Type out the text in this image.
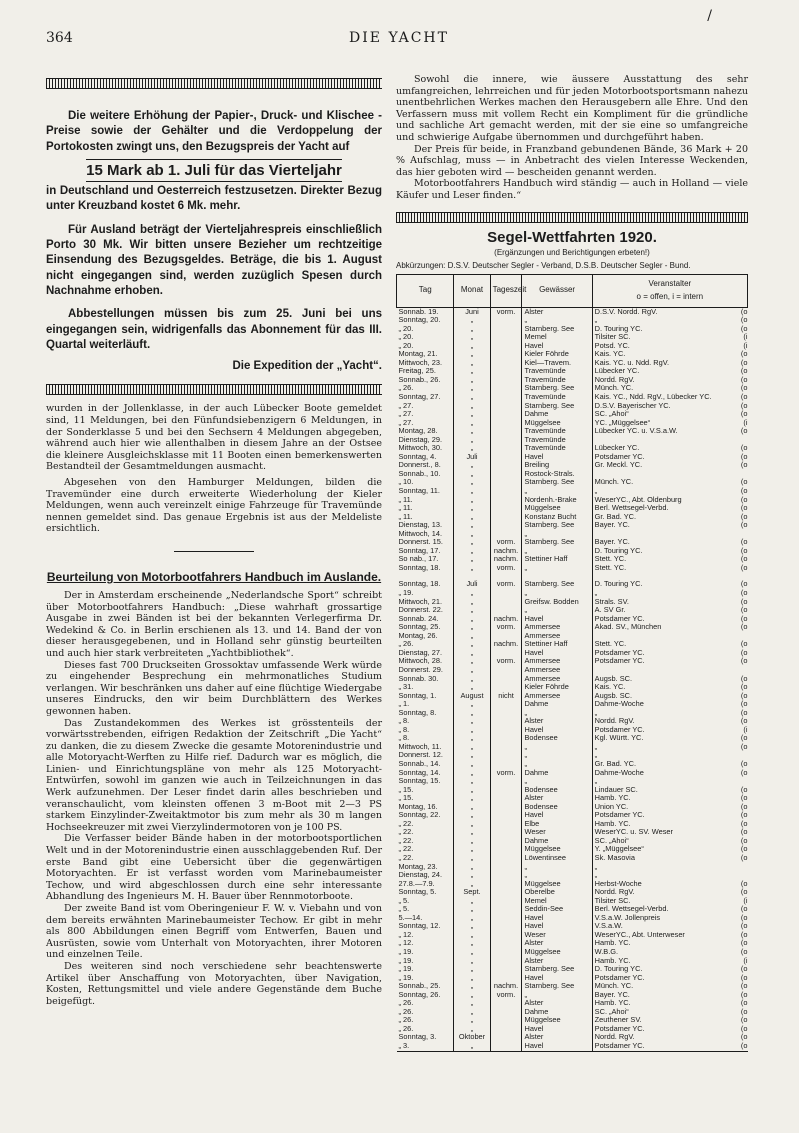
364	DIE YACHT
/

Die weitere Erhöhung der Papier-, Druck- und Klischee - Preise sowie der Gehälter und die Verdoppelung der Portokosten zwingt uns, den Bezugspreis der Yacht auf

15 Mark ab 1. Juli für das Vierteljahr

in Deutschland und Oesterreich festzusetzen. Direkter Bezug unter Kreuzband kostet 6 Mk. mehr.

Für Ausland beträgt der Vierteljahrespreis einschließlich Porto 30 Mk. Wir bitten unsere Bezieher um rechtzeitige Einsendung des Bezugsgeldes. Beträge, die bis 1. August nicht eingegangen sind, werden zuzüglich Spesen durch Nachnahme erhoben.

Abbestellungen müssen bis zum 25. Juni bei uns eingegangen sein, widrigenfalls das Abonnement für das III. Quartal weiterläuft.

Die Expedition der „Yacht“.

wurden in der Jollenklasse, in der auch Lübecker Boote gemeldet sind, 11 Meldungen, bei den Fünfundsiebenzigern 6 Meldungen, in der Sonderklasse 5 und bei den Sechsern 4 Meldungen abgegeben, während auch hier wie allenthalben in diesem Jahre an der Ostsee die kleinere Ausgleichsklasse mit 11 Booten einen bemerkenswerten Bestandteil der Gesamtmeldungen ausmacht.

Abgesehen von den Hamburger Meldungen, bilden die Travemünder eine durch erweiterte Wiederholung der Kieler Meldungen, wenn auch vereinzelt einige Fahrzeuge für Travemünde nennen gemeldet sind. Das genaue Ergebnis ist aus der Meldeliste ersichtlich.

Beurteilung von Motorbootfahrers Handbuch im Auslande.

Der in Amsterdam erscheinende „Nederlandsche Sport“ schreibt über Motorbootfahrers Handbuch: „Diese wahrhaft grossartige Ausgabe in zwei Bänden ist bei der bekannten Verlegerfirma Dr. Wedekind & Co. in Berlin erschienen als 13. und 14. Band der von dieser herausgegebenen, und in Holland sehr günstig beurteilten und auch hier stark verbreiteten „Yachtbibliothek“.

Dieses fast 700 Druckseiten Grossoktav umfassende Werk würde zu eingehender Besprechung ein mehrmonatliches Studium verlangen. Wir beschränken uns daher auf eine flüchtige Wiedergabe unseres Eindrucks, den wir beim Durchblättern des Werkes gewonnen haben.

Das Zustandekommen des Werkes ist grösstenteils der vorwärtsstrebenden, eifrigen Redaktion der Zeitschrift „Die Yacht“ zu danken, die zu diesem Zwecke die gesamte Motorenindustrie und alle Motoryacht-Werften zu Hilfe rief. Dadurch war es möglich, die Linien- und Einrichtungspläne von mehr als 125 Motoryacht-Entwürfen, sowohl im ganzen wie auch in Teilzeichnungen in das Werk aufzunehmen. Der Leser findet darin alles beschrieben und veranschaulicht, vom kleinsten offenen 3 m-Boot mit 2—3 PS starkem Einzylinder-Zweitaktmotor bis zum mehr als 30 m langen Hochseekreuzer mit zwei Vierzylindermotoren von je 100 PS.

Die Verfasser beider Bände haben in der motorbootsportlichen Welt und in der Motorenindustrie einen ausschlaggebenden Ruf. Der erste Band gibt eine Uebersicht über die gegenwärtigen Motoryachten. Er ist verfasst worden vom Marinebaumeister Techow, und wird abgeschlossen durch eine sehr interessante Abhandlung des Ingenieurs M. H. Bauer über Rennmotorboote.

Der zweite Band ist vom Oberingenieur F. W. v. Viebahn und von dem bereits erwähnten Marinebaumeister Techow. Er gibt in mehr als 800 Abbildungen einen Begriff vom Entwerfen, Bauen und Ausrüsten, sowie vom Unterhalt von Motoryachten, ihrer Motoren und einzelnen Teile.

Des weiteren sind noch verschiedene sehr beachtenswerte Artikel über Anschaffung von Motoryachten, über Navigation, Kosten, Rettungsmittel und viele andere Gegenstände dem Buche beigefügt.

Sowohl die innere, wie äussere Ausstattung des sehr umfangreichen, lehrreichen und für jeden Motorbootsportsmann nahezu unentbehrlichen Werkes machen den Herausgebern alle Ehre. Und den Verfassern muss mit vollem Recht ein Kompliment für die gründliche und sachliche Art gemacht werden, mit der sie eine so umfangreiche und schwierige Aufgabe übernommen und durchgeführt haben.

Der Preis für beide, in Franzband gebundenen Bände, 36 Mark + 20 % Aufschlag, muss — in Anbetracht des vielen Interesse Weckenden, das hier geboten wird — bescheiden genannt werden.

Motorbootfahrers Handbuch wird ständig — auch in Holland — viele Käufer und Leser finden.“

Segel-Wettfahrten 1920.
(Ergänzungen und Berichtigungen erbeten!)
Abkürzungen: D.S.V. Deutscher Segler - Verband, D.S.B. Deutscher Segler - Bund.
Tag	Monat	Tageszeit	Gewässer	Veranstalter
o = offen, i = intern

Sonnab. 19.	Juni	vorm.	Alster	D.S.V. Nordd. RgV. (o

Sonntag, 20.	„		„	„ (o

„ 20.	„		Starnberg. See	D. Touring YC. (o

„ 20.	„		Memel	Tilsiter SC. (i

„ 20.	„		Havel	Potsd. YC. (i

Montag, 21.	„		Kieler Föhrde	Kais. YC. (o

Mittwoch, 23.	„		Kiel—Travem.	Kais. YC. u. Ndd. RgV. (o

Freitag, 25.	„		Travemünde	Lübecker YC. (o

Sonnab., 26.	„		Travemünde	Nordd. RgV. (o

„ 26.	„		Starnberg. See	Münch. YC. (o

Sonntag, 27.	„		Travemünde	Kais. YC., Ndd. RgV., Lübecker YC. (o

„ 27.	„		Starnberg. See	D.S.V. Bayerischer YC. (o

„ 27.	„		Dahme	SC. „Ahoi“ (o

„ 27.	„		Müggelsee	YC. „Müggelsee“ (i

Montag, 28.	„		Travemünde	Lübecker YC. u. V.S.a.W. (o

Dienstag, 29.	„		Travemünde	

Mittwoch, 30.	„		Travemünde	Lübecker YC. (o

Sonntag, 4.	Juli		Havel	Potsdamer YC. (o

Donnerst., 8.	„		Breiling	Gr. Meckl. YC. (o

Sonnab., 10.	„		Rostock-Strals.	

„ 10.	„		Starnberg. See	Münch. YC. (o

Sonntag, 11.	„		„	„ (o

„ 11.	„		Nordenh.-Brake	WeserYC., Abt. Oldenburg (o

„ 11.	„		Müggelsee	Berl. Wettsegel-Verbd. (o

„ 11.	„		Konstanz Bucht	Gr. Bad. YC. (o

Dienstag, 13.	„		Starnberg. See	Bayer. YC. (o

Mittwoch, 14.	„		„	

Donnerst. 15.	„	vorm.	Starnberg. See	Bayer. YC. (o

Sonntag, 17.	„	nachm.	„	D. Touring YC. (o

So nab., 17.	„	nachm.	Stettiner Haff	Stett. YC. (o

Sonntag, 18.	„	vorm.	„	Stett. YC. (o

Sonntag, 18.	Juli	vorm.	Starnberg. See	D. Touring YC. (o

„ 19.	„		„	„ (o

Mittwoch, 21.	„		Greifsw. Bodden	Strals. SV. (o

Donnerst. 22.	„		„	A. SV Gr. (o

Sonnab. 24.	„	nachm.	Havel	Potsdamer YC. (o

Sonntag, 25.	„	vorm.	Ammersee	Akad. SV., München (o

Montag, 26.	„		Ammersee	

„ 26.	„	nachm.	Stettiner Haff	Stett. YC. (o

Dienstag, 27.	„		Havel	Potsdamer YC. (o

Mittwoch, 28.	„	vorm.	Ammersee	Potsdamer YC. (o

Donnerst. 29.	„		Ammersee	

Sonnab. 30.	„		Ammersee	Augsb. SC. (o

„ 31.	„		Kieler Föhrde	Kais. YC. (o

Sonntag, 1.	August	nicht	Ammersee	Augsb. SC. (o

„ 1.	„		Dahme	Dahme-Woche (o

Sonntag, 8.	„		„	„ (o

„ 8.	„		Alster	Nordd. RgV. (o

„ 8.	„		Havel	Potsdamer YC. (i

„ 8.	„		Bodensee	Kgl. Württ. YC. (o

Mittwoch, 11.	„		„	„ (o

Donnerst. 12.	„		„	„

Sonnab., 14.	„		„	Gr. Bad. YC. (o

Sonntag, 14.	„	vorm.	Dahme	Dahme-Woche (o

Sonntag, 15.	„		„	„

„ 15.	„		Bodensee	Lindauer SC. (o

„ 15.	„		Alster	Hamb. YC. (o

Montag, 16.	„		Bodensee	Union YC. (o

Sonntag, 22.	„		Havel	Potsdamer YC. (o

„ 22.	„		Elbe	Hamb. YC. (o

„ 22.	„		Weser	WeserYC. u. SV. Weser (o

„ 22.	„		Dahme	SC. „Ahoi“ (o

„ 22.	„		Müggelsee	Y. „Müggelsee“ (o

„ 22.	„		Löwentinsee	Sk. Masovia (o

Montag, 23.	„		„	„

Dienstag, 24.	„		„	„

27.8.—7.9.	„		Müggelsee	Herbst-Woche (o

Sonntag, 5.	Sept.		Oberelbe	Nordd. RgV. (o

„ 5.	„		Memel	Tilsiter SC. (i

„ 5.	„		Seddin-See	Berl. Wettsegel-Verbd. (o

5.—14.	„		Havel	V.S.a.W. Jollenpreis (o

Sonntag, 12.	„		Havel	V.S.a.W. (o

„ 12.	„		Weser	WeserYC., Abt. Unterweser (o

„ 12.	„		Alster	Hamb. YC. (o

„ 19.	„		Müggelsee	W.B.G. (o

„ 19.	„		Alster	Hamb. YC. (i

„ 19.	„		Starnberg. See	D. Touring YC. (o

„ 19.	„		Havel	Potsdamer YC. (o

Sonnab., 25.	„	nachm.	Starnberg. See	Münch. YC. (o

Sonntag, 26.	„	vorm.	„	Bayer. YC. (o

„ 26.	„		Alster	Hamb. YC. (o

„ 26.	„		Dahme	SC. „Ahoi“ (o

„ 26.	„		Müggelsee	Zeuthener SV. (o

„ 26.	„		Havel	Potsdamer YC. (o

Sonntag, 3.	Oktober		Alster	Nordd. RgV. (o

„ 3.	„		Havel	Potsdamer YC. (o
